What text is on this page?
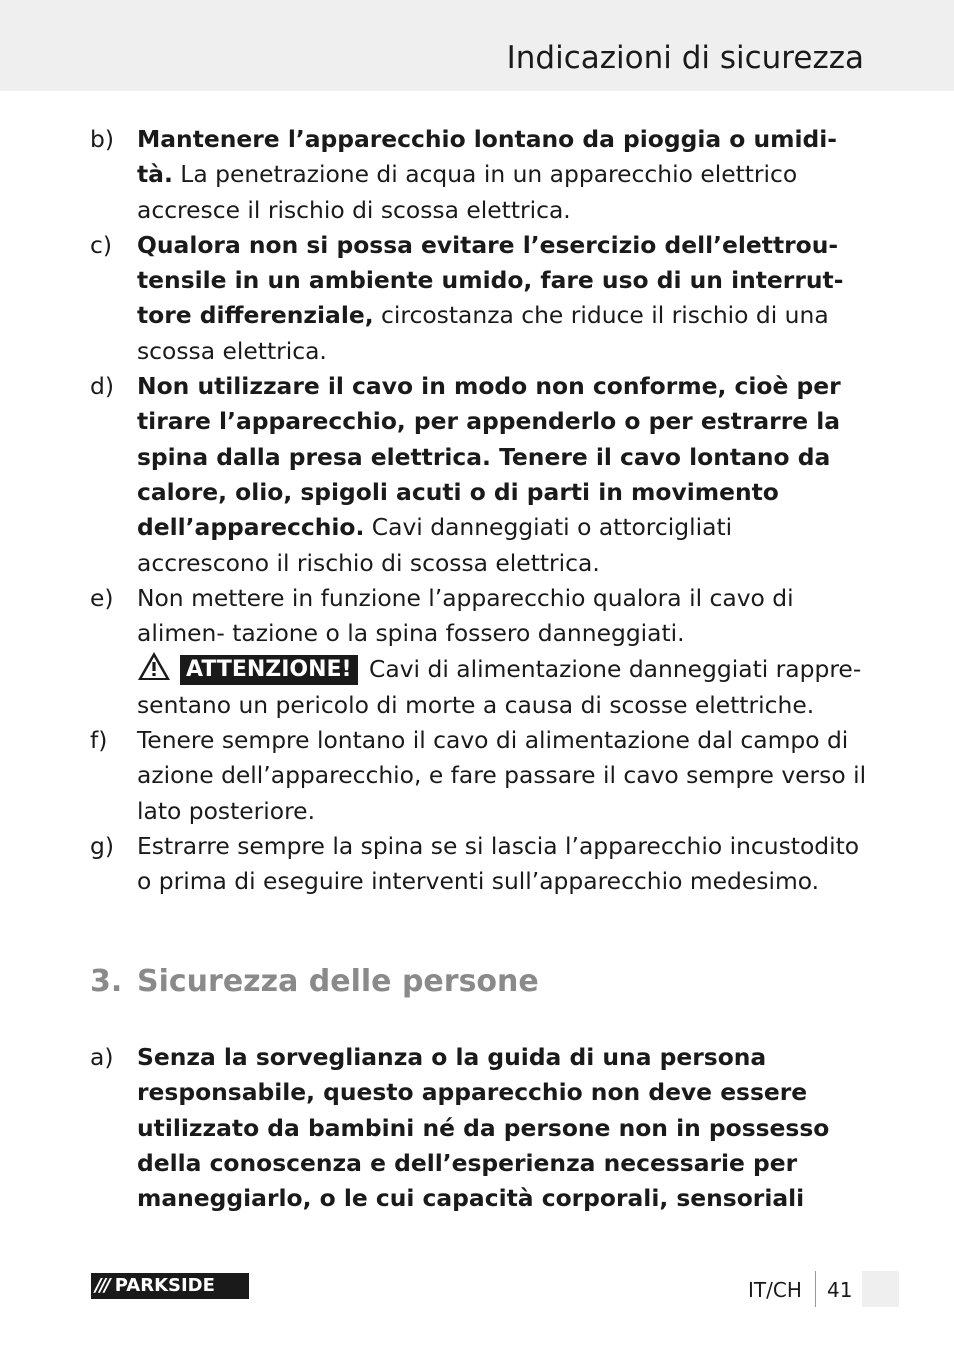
Indicazioni di sicurezza
b) Mantenere l’apparecchio lontano da pioggia o umidi- tà. La penetrazione di acqua in un apparecchio elettrico accresce il rischio di scossa elettrica.
c) Qualora non si possa evitare l’esercizio dell’elettrou- tensile in un ambiente umido, fare uso di un interrut- tore differenziale, circostanza che riduce il rischio di una scossa elettrica.
d) Non utilizzare il cavo in modo non conforme, cioè per tirare l’apparecchio, per appenderlo o per estrarre la spina dalla presa elettrica. Tenere il cavo lontano da calore, olio, spigoli acuti o di parti in movimento dell’apparecchio. Cavi danneggiati o attorcigliati accrescono il rischio di scossa elettrica.
e) Non mettere in funzione l’apparecchio qualora il cavo di alimen- tazione o la spina fossero danneggiati.
ATTENZIONE! Cavi di alimentazione danneggiati rappre- sentano un pericolo di morte a causa di scosse elettriche.
f) Tenere sempre lontano il cavo di alimentazione dal campo di azione dell’apparecchio, e fare passare il cavo sempre verso il lato posteriore.
g) Estrarre sempre la spina se si lascia l’apparecchio incustodito o prima di eseguire interventi sull’apparecchio medesimo.
3. Sicurezza delle persone
a) Senza la sorveglianza o la guida di una persona responsabile, questo apparecchio non deve essere utilizzato da bambini né da persone non in possesso della conoscenza e dell’esperienza necessarie per maneggiarlo, o le cui capacità corporali, sensoriali
/// PARKSIDE	IT/CH 41
